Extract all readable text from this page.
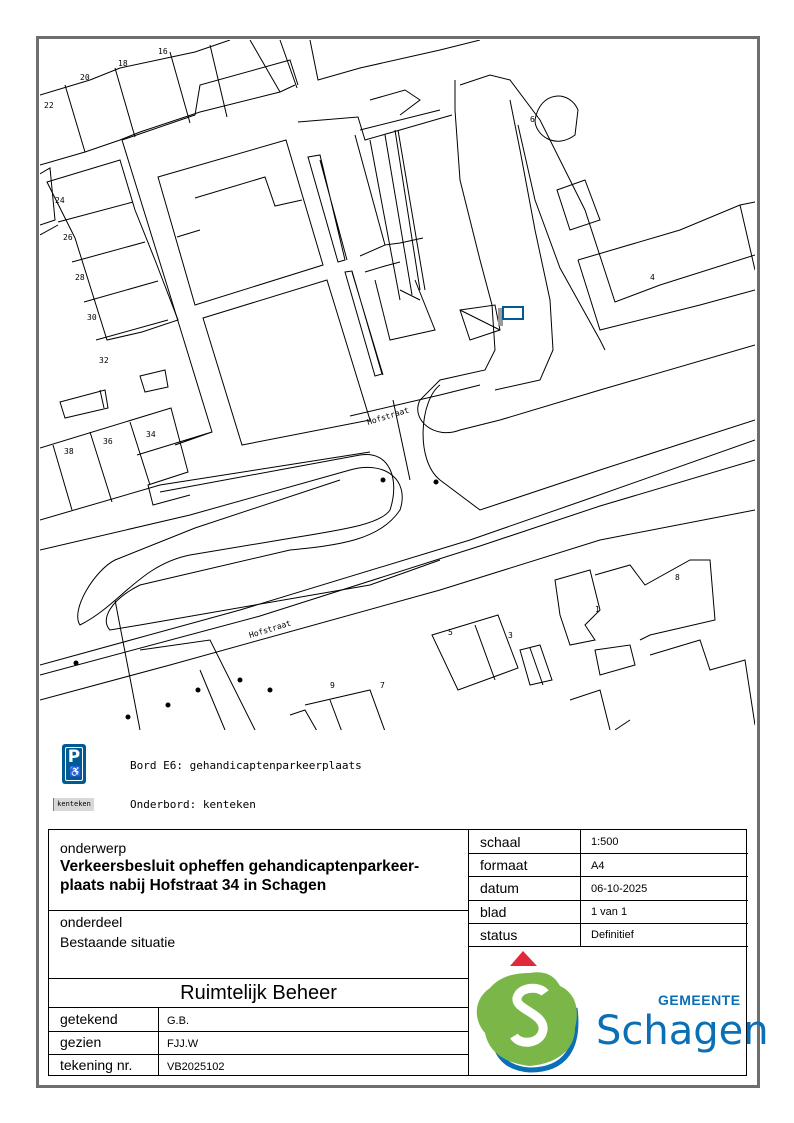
20
18
16
22
24
26
28
30
32
34
36
38
1
3
5
7
9
4
6
8
Hofstraat
Hofstraat
P
♿
Bord E6: gehandicaptenparkeerplaats
kenteken	Onderbord: kenteken
onderwerp
Verkeersbesluit opheffen gehandicaptenparkeer-
plaats nabij Hofstraat 34 in Schagen
onderdeel
Bestaande situatie
Ruimtelijk Beheer
getekend	G.B.
gezien	FJJ.W
tekening nr.	VB2025102
schaal	1:500
formaat	A4
datum	06-10-2025
blad	1 van 1
status	Definitief
GEMEENTE
Schagen
